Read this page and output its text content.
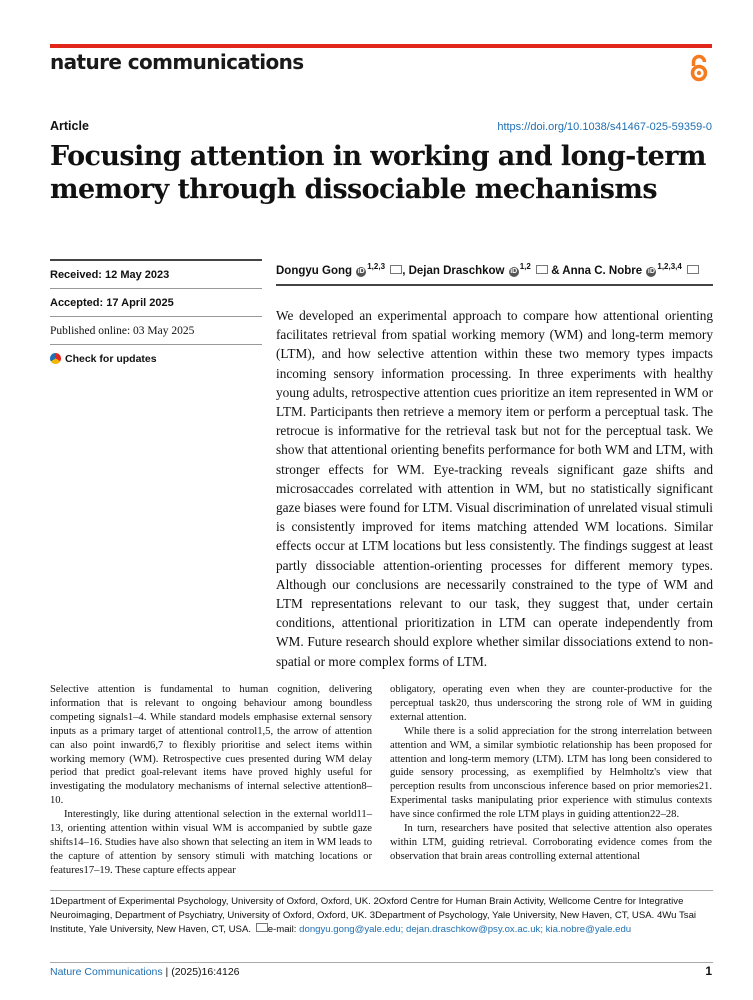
nature communications
Article	https://doi.org/10.1038/s41467-025-59359-0
Focusing attention in working and long-term memory through dissociable mechanisms
Received: 12 May 2023
Accepted: 17 April 2025
Published online: 03 May 2025
Check for updates
Dongyu Gong iD$^{1,2,3}$ , Dejan Draschkow iD$^{1,2}$  & Anna C. Nobre iD$^{1,2,3,4}$

We developed an experimental approach to compare how attentional orienting facilitates retrieval from spatial working memory (WM) and long-term memory (LTM), and how selective attention within these two memory types impacts incoming sensory information processing. In three experiments with healthy young adults, retrospective attention cues prioritize an item represented in WM or LTM. Participants then retrieve a memory item or perform a perceptual task. The retrocue is informative for the retrieval task but not for the perceptual task. We show that attentional orienting benefits performance for both WM and LTM, with stronger effects for WM. Eye-tracking reveals significant gaze shifts and microsaccades correlated with attention in WM, but no statistically significant gaze biases were found for LTM. Visual discrimination of unrelated visual stimuli is consistently improved for items matching attended WM locations. Similar effects occur at LTM locations but less consistently. The findings suggest at least partly dissociable attention-orienting processes for different memory types. Although our conclusions are necessarily constrained to the type of WM and LTM representations relevant to our task, they suggest that, under certain conditions, attentional prioritization in LTM can operate independently from WM. Future research should explore whether similar dissociations extend to non-spatial or more complex forms of LTM.

Selective attention is fundamental to human cognition, delivering information that is relevant to ongoing behaviour among boundless competing signals1–4. While standard models emphasise external sensory inputs as a primary target of attentional control1,5, the arrow of attention can also point inward6,7 to flexibly prioritise and select items within working memory (WM). Retrospective cues presented during WM delay period that predict goal-relevant items have proved highly useful for investigating the modulatory mechanisms of internal selective attention8–10.

Interestingly, like during attentional selection in the external world11–13, orienting attention within visual WM is accompanied by subtle gaze shifts14–16. Studies have also shown that selecting an item in WM leads to the capture of attention by sensory stimuli with matching locations or features17–19. These capture effects appear

obligatory, operating even when they are counter-productive for the perceptual task20, thus underscoring the strong role of WM in guiding external attention.

While there is a solid appreciation for the strong interrelation between attention and WM, a similar symbiotic relationship has been proposed for attention and long-term memory (LTM). LTM has long been considered to guide sensory processing, as exemplified by Helmholtz's view that perception results from unconscious inference based on prior memories21. Experimental tasks manipulating prior experience with stimulus contexts have since confirmed the role LTM plays in guiding attention22–28.

In turn, researchers have posited that selective attention also operates within LTM, guiding retrieval. Corroborating evidence comes from the observation that brain areas controlling external attentional

1Department of Experimental Psychology, University of Oxford, Oxford, UK. 2Oxford Centre for Human Brain Activity, Wellcome Centre for Integrative Neuroimaging, Department of Psychiatry, University of Oxford, Oxford, UK. 3Department of Psychology, Yale University, New Haven, CT, USA. 4Wu Tsai Institute, Yale University, New Haven, CT, USA. e-mail: dongyu.gong@yale.edu; dejan.draschkow@psy.ox.ac.uk; kia.nobre@yale.edu

Nature Communications | (2025)16:4126	1
